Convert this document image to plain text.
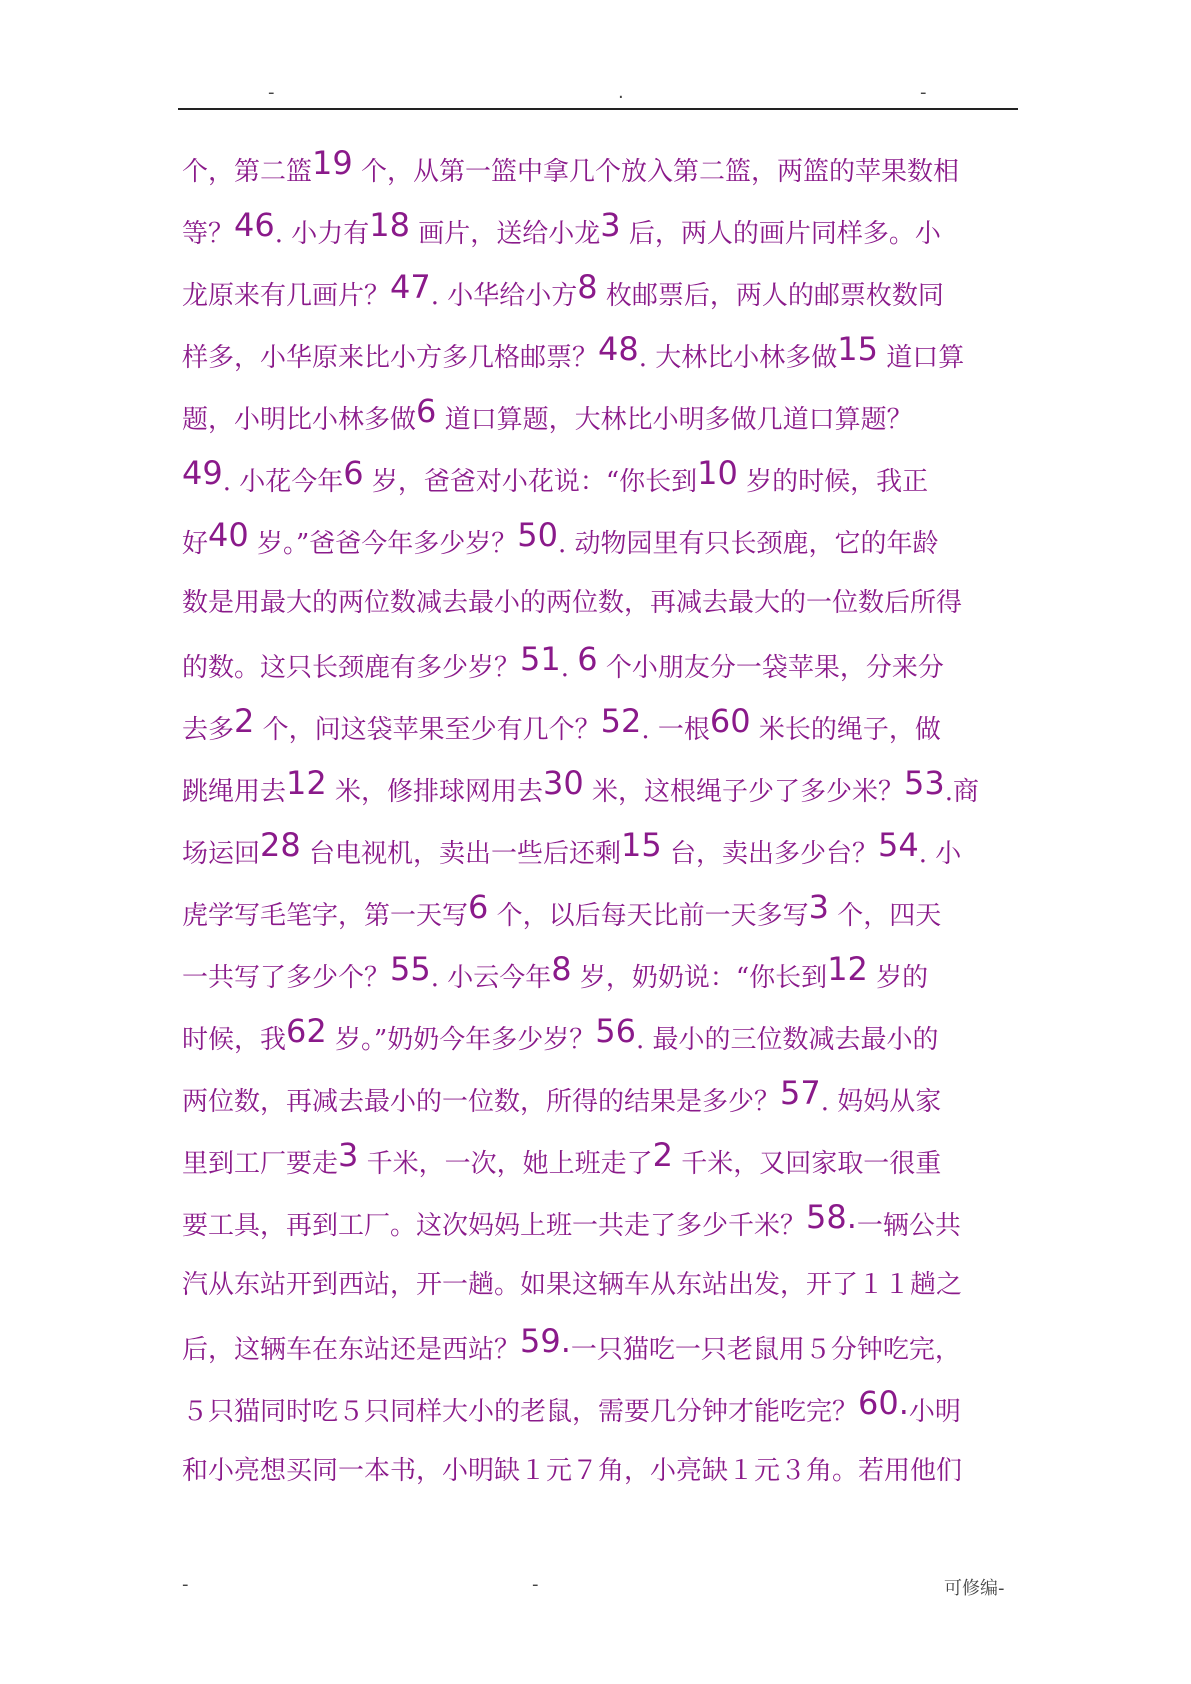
-	.	-
个，第二篮19 个，从第一篮中拿几个放入第二篮，两篮的苹果数相
等？46. 小力有18 画片，送给小龙3 后，两人的画片同样多。小
龙原来有几画片？47. 小华给小方8 枚邮票后，两人的邮票枚数同
样多，小华原来比小方多几格邮票？48. 大林比小林多做15 道口算
题，小明比小林多做6 道口算题，大林比小明多做几道口算题？
49. 小花今年6 岁，爸爸对小花说：“你长到10 岁的时候，我正
好40 岁。”爸爸今年多少岁？50. 动物园里有只长颈鹿，它的年龄
数是用最大的两位数减去最小的两位数，再减去最大的一位数后所得
的数。这只长颈鹿有多少岁？51. 6 个小朋友分一袋苹果，分来分
去多2 个，问这袋苹果至少有几个？52. 一根60 米长的绳子，做
跳绳用去12 米，修排球网用去30 米，这根绳子少了多少米？53.商
场运回28 台电视机，卖出一些后还剩15 台，卖出多少台？54. 小
虎学写毛笔字，第一天写6 个，以后每天比前一天多写3 个，四天
一共写了多少个？55. 小云今年8 岁，奶奶说：“你长到12 岁的
时候，我62 岁。”奶奶今年多少岁？56. 最小的三位数减去最小的
两位数，再减去最小的一位数，所得的结果是多少？57. 妈妈从家
里到工厂要走3 千米，一次，她上班走了2 千米，又回家取一很重
要工具，再到工厂。这次妈妈上班一共走了多少千米？58.一辆公共
汽从东站开到西站，开一趟。如果这辆车从东站出发，开了１１趟之
后，这辆车在东站还是西站？59.一只猫吃一只老鼠用５分钟吃完，
５只猫同时吃５只同样大小的老鼠，需要几分钟才能吃完？60.小明
和小亮想买同一本书，小明缺１元７角，小亮缺１元３角。若用他们
-	-	可修编-
